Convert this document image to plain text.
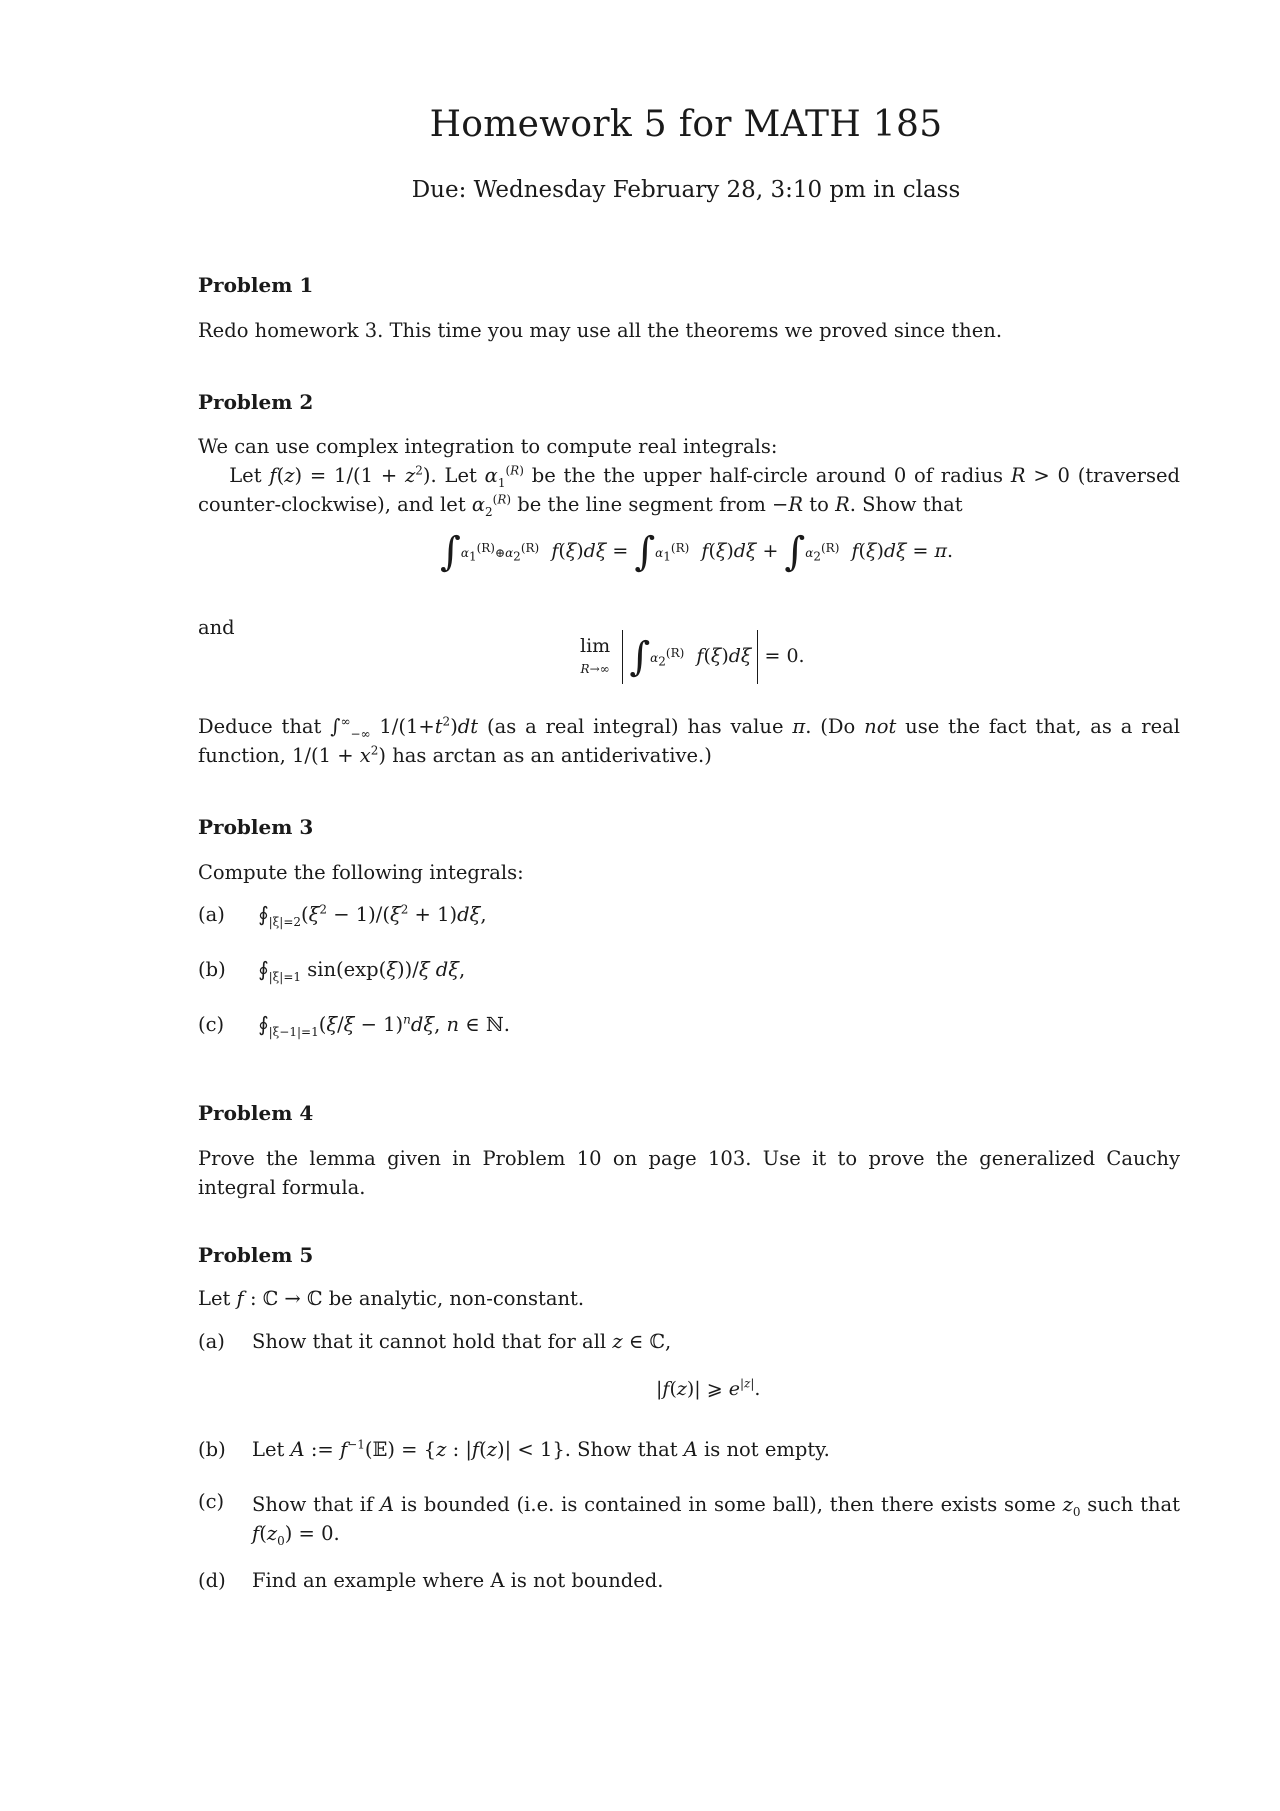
Homework 5 for MATH 185
Due: Wednesday February 28, 3:10 pm in class
Problem 1
Redo homework 3. This time you may use all the theorems we proved since then.
Problem 2
We can use complex integration to compute real integrals:
Let $f(z) = 1/(1 + z^2)$. Let $\alpha_1^{(R)}$ be the the upper half-circle around 0 of radius R > 0 (traversed counter-clockwise), and let $\alpha_2^{(R)}$ be the line segment from −R to R. Show that
$\int\alpha_1^{(R)}\oplus\alpha_2^{(R)}$ $f(\xi)d\xi = \int\alpha_1^{(R)}$ $f(\xi)d\xi + \int\alpha_2^{(R)}$ f(ξ)dξ = π.
and
lim
R→∞ $\int\alpha_2^{(R)}$ f(ξ)dξ  = 0.
Deduce that $\int^\infty_{-\infty}$ $1/(1+t^2)dt$ (as a real integral) has value π. (Do not use the fact that, as a real function, $1/(1 + x^2)$ has arctan as an antiderivative.)
Problem 3
Compute the following integrals:
(a) $∮_{|\xi|=2}(\xi^2 - 1)/(\xi^2 + 1)d\xi$,
(b) $∮_{|\xi|=1}$ sin(exp(ξ))/ξ dξ,
(c) $∮_{|\xi-1|=1}(\xi/\xi - 1)^nd\xi$, n ∈ ℕ.
Problem 4
Prove the lemma given in Problem 10 on page 103. Use it to prove the generalized Cauchy integral formula.
Problem 5
Let f : ℂ → ℂ be analytic, non-constant.
(a) Show that it cannot hold that for all z ∈ ℂ,
|f(z)| ⩾ $e^{|z|}$.
(b) Let A := $f^{-1}(𝔼) = \{z$ : |f(z)| < 1}. Show that A is not empty.
(c)	Show that if A is bounded (i.e. is contained in some ball), then there exists some $z_0$ such that $f(z_0) = 0$.
(d) Find an example where A is not bounded.
